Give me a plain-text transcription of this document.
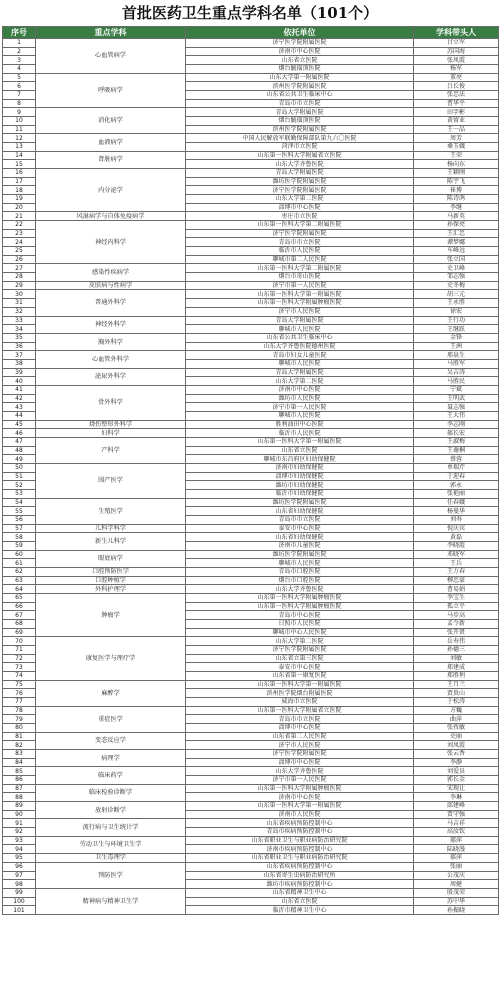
首批医药卫生重点学科名单（101个）
序号	重点学科	依托单位	学科带头人
1	心血管病学	济宁医学院附属医院	甘立军
2		济南市中心医院	苏国海
3		山东省立医院	张凤霞
4		烟台毓璜顶医院	杨军
5	呼吸病学	山东大学第一附属医院	董亮
6		滨州医学院附属医院	吕长俊
7		山东省公共卫生临床中心	张忠法
8		青岛市市立医院	曹华平
9	消化病学	青岛大学附属医院	田字彬
10		烟台毓璜顶医院	黄留业
11		滨州医学院附属医院	王一品
12	血液病学	中国人民解放军联勤保障部队第九六〇医院	周芳
13		菏泽市立医院	桑玉娥
14	肾脏病学	山东第一医科大学附属省立医院	王荣
15		山东大学齐鲁医院	杨向东
16	内分泌学	青岛大学附属医院	王颖刚
17		潍坊医学院附属医院	陈宇飞
18		济宁医学院附属医院	崔博
19		山东大学第二医院	陈诗鸿
20		淄博市中心医院	李继
21	风湿病学与自体免疫病学	枣庄市立医院	马新英
22	神经内科学	山东第一医科大学第二附属医院	孙保亮
23		济宁医学院附属医院	王汇忠
24		青岛市市立医院	谭梦娜
25		临沂市人民医院	车峰远
26		聊城市第二人民医院	张立国
27	感染性疾病学	山东第一医科大学第二附属医院	史卫峰
28		烟台市奇山医院	邹志强
29	皮肤病与性病学	济宁市第一人民医院	史冬梅
30	普通外科学	山东第一医科大学第一附属医院	胡三元
31		山东第一医科大学附属肿瘤医院	王永胜
32		济宁市人民医院	徐宏
33	神经外科学	青岛大学附属医院	王行功
34		聊城市人民医院	王继跃
35	胸外科学	山东省公共卫生临床中心	金锋
36		山东大学齐鲁医院德州医院	王洲
37	心血管外科学	青岛市妇女儿童医院	邢泉生
38		聊城市人民医院	马胜军
39	泌尿外科学	青岛大学附属医院	吴吉涛
40		山东大学第二医院	马胜民
41	骨外科学	济南市中心医院	宁斌
42		潍坊市人民医院	王明武
43		济宁市第一人民医院	聂志强
44		聊城市人民医院	王大伟
45	烧伤整形外科学	胜利油田中心医院	李志刚
46	妇科学	临沂市人民医院	郝长宏
47	产科学	山东第一医科大学第一附属医院	王淑梅
48		山东省立医院	王谢桐
49		聊城市东昌府区妇幼保健院	蔡蓉
50	围产医学	济南市妇幼保健院	单瑞芹
51		淄博市妇幼保健院	于迎春
52		潍坊市妇幼保健院	郭永
53		临沂市妇幼保健院	张艳丽
54	生殖医学	潍坊医学院附属医院	任春娥
55		山东省妇幼保健院	杨曼华
56		青岛市市立医院	刘寿
57	儿科学科学	泰安市中心医院	倪庆宾
58	新生儿科学	山东省妇幼保健院	黄磊
59		济南市儿童医院	李晓霞
60	眼底病学	潍坊医学院附属医院	邓晓军
61		聊城市人民医院	王兵
62	口腔预防医学	青岛市口腔医院	王万春
63	口腔种植学	烟台市口腔医院	柳忠豪
64	外科护理学	山东大学齐鲁医院	曹易娟
65	肿瘤学	山东第一医科大学附属肿瘤医院	李宝生
66		山东第一医科大学附属肿瘤医院	孤立平
67		青岛市中心医院	马步高
68		日照市人民医院	孟令新
69		聊城市中心人民医院	张开贤
70	康复医学与理疗学	山东大学第二医院	岳寿伟
71		济宁医学院附属医院	孙德三
72		山东省立第三医院	刘敏
73		泰安市中心医院	郑建成
74		山东省第一康复医院	郑胜利
75	麻醉学	山东第一医科大学第一附属医院	王月兰
76		滨州医学院烟台附属医院	贾贵山
77		威海市立医院	于松涛
78	重症医学	山东第一医科大学附属省立医院	方巍
79		青岛市市立医院	曲萍
80		淄博市中心医院	张孜敏
81	变态反应学	山东省第二人民医院	史丽
82		济宁市人民医院	刘凤霞
83	病理学	济宁医学院附属医院	张云香
84		淄博市中心医院	李静
85	临床药学	山东大学齐鲁医院	刘爱员
86		济宁市第一人民医院	郭长金
87	临床检验诊断学	山东第一医科大学附属肿瘤医院	宋现让
88		济南市中心医院	李琳
89	放射诊断学	山东第一医科大学第一附属医院	邱建峰
90		济南市人民医院	贾守强
91	流行病与卫生统计学	山东省疾病预防控制中心	马吉祥
92		青岛市疾病预防控制中心	高汝钦
93	劳动卫生与环境卫生学	山东省职业卫生与职业病防治研究院	郝萍
94		济南市疾病预防控制中心	陆晓漫
95	卫生毒理学	山东省职业卫生与职业病防治研究院	郝萍
96	预防医学	山东省疾病预防控制中心	张丽
97		山东省寄生虫病防治研究所	公茂庆
98		潍坊市疾病预防控制中心	周健
99	精神病与精神卫生学	山东省精神卫生中心	殷茂荣
100		山东省立医院	苏中华
101		临沂市精神卫生中心	孙振晓
